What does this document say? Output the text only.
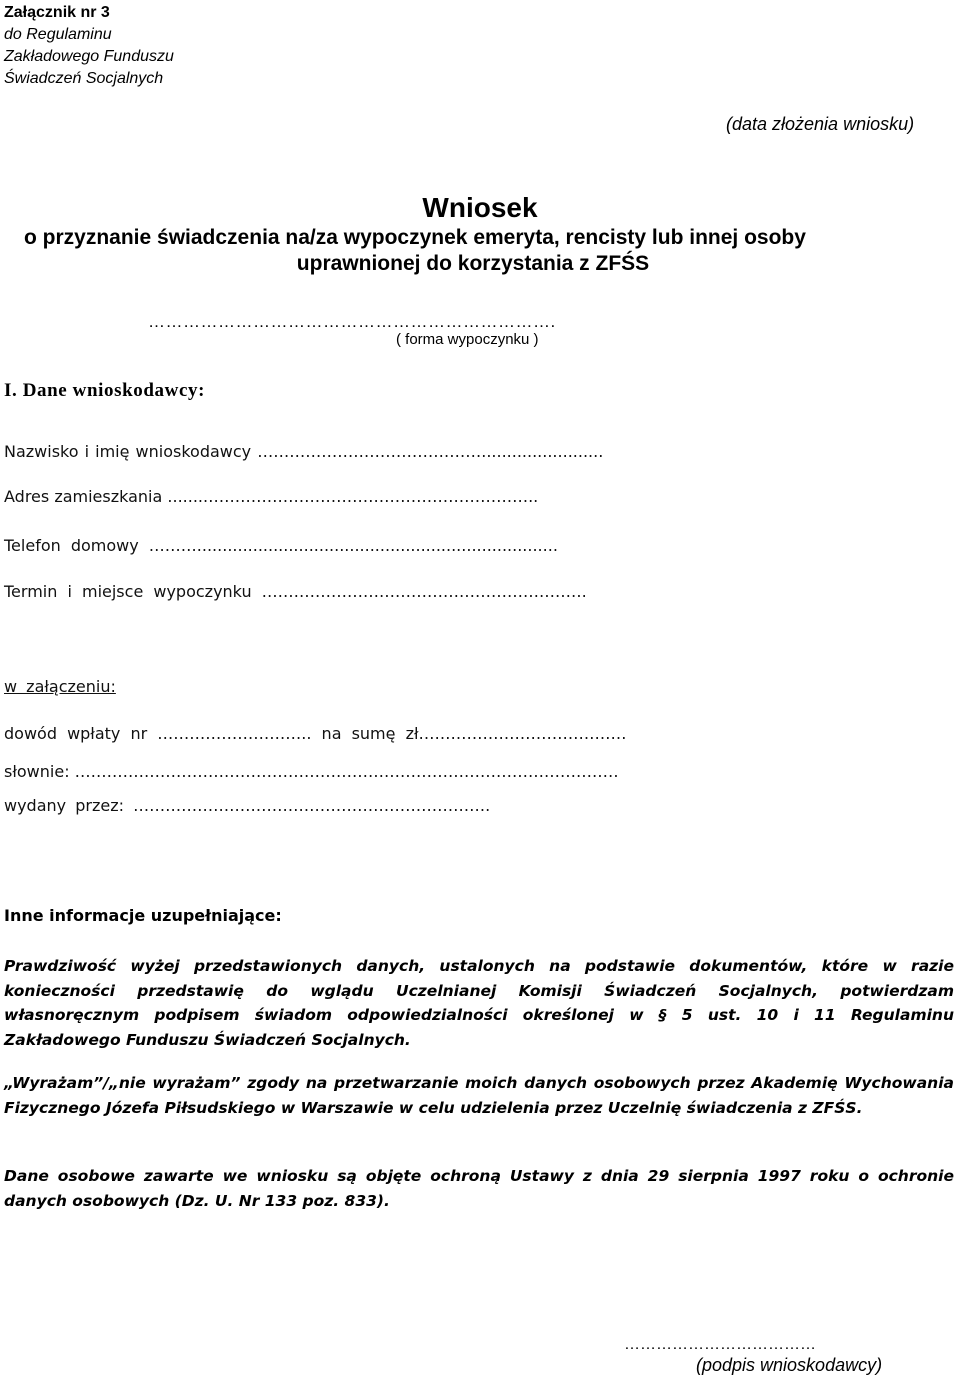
Załącznik nr 3
do Regulaminu
Zakładowego Funduszu
Świadczeń Socjalnych
(data złożenia wniosku)
Wniosek
o przyznanie świadczenia na/za wypoczynek emeryta, rencisty lub innej osoby
uprawnionej do korzystania z ZFŚS
…………………………………………………………….
( forma wypoczynku )
I. Dane wnioskodawcy:
Nazwisko i imię wnioskodawcy ……………………………………........................
Adres zamieszkania ........……………………………………………………..
Telefon domowy ……….......................................................................
Termin i miejsce wypoczynku …………………………………………………….
w załączeniu:
dowód wpłaty nr ……………………….. na sumę zł…………………………………
słownie: …………………………………………………………………………………………
wydany przez: ………………………………………………………….
Inne informacje uzupełniające:
Prawdziwość wyżej przedstawionych danych, ustalonych na podstawie dokumentów, które w razie konieczności przedstawię do wglądu Uczelnianej Komisji Świadczeń Socjalnych, potwierdzam własnoręcznym podpisem świadom odpowiedzialności określonej w § 5 ust. 10 i 11 Regulaminu Zakładowego Funduszu Świadczeń Socjalnych.
„Wyrażam”/„nie wyrażam” zgody na przetwarzanie moich danych osobowych przez Akademię Wychowania Fizycznego Józefa Piłsudskiego w Warszawie w celu udzielenia przez Uczelnię świadczenia z ZFŚS.
Dane osobowe zawarte we wniosku są objęte ochroną Ustawy z dnia 29 sierpnia 1997 roku o ochronie danych osobowych (Dz. U. Nr 133 poz. 833).
………………………………
(podpis wnioskodawcy)
